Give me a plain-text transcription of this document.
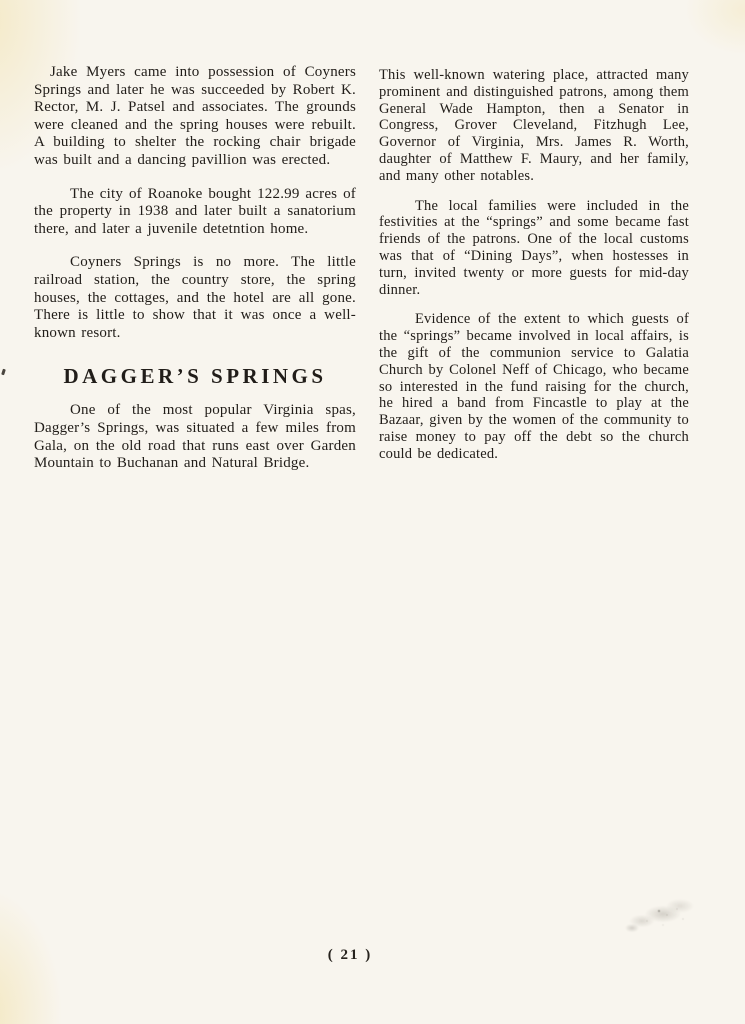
Jake Myers came into possession of Coyners Springs and later he was succeeded by Robert K. Rector, M. J. Patsel and associates. The grounds were cleaned and the spring houses were rebuilt. A building to shelter the rocking chair brigade was built and a dancing pavillion was erected.

The city of Roanoke bought 122.99 acres of the property in 1938 and later built a sanatorium there, and later a juvenile detetntion home.

Coyners Springs is no more. The little railroad station, the country store, the spring houses, the cottages, and the hotel are all gone. There is little to show that it was once a well-known resort.

DAGGER’S SPRINGS

One of the most popular Virginia spas, Dagger’s Springs, was situated a few miles from Gala, on the old road that runs east over Garden Mountain to Buchanan and Natural Bridge.

This well-known watering place, attracted many prominent and distinguished patrons, among them General Wade Hampton, then a Senator in Congress, Grover Cleveland, Fitzhugh Lee, Governor of Virginia, Mrs. James R. Worth, daughter of Matthew F. Maury, and her family, and many other notables.

The local families were included in the festivities at the “springs” and some became fast friends of the patrons. One of the local customs was that of “Dining Days”, when hostesses in turn, invited twenty or more guests for mid-day dinner.

Evidence of the extent to which guests of the “springs” became involved in local affairs, is the gift of the communion service to Galatia Church by Colonel Neff of Chicago, who became so interested in the fund raising for the church, he hired a band from Fincastle to play at the Bazaar, given by the women of the community to raise money to pay off the debt so the church could be dedicated.

( 21 )
